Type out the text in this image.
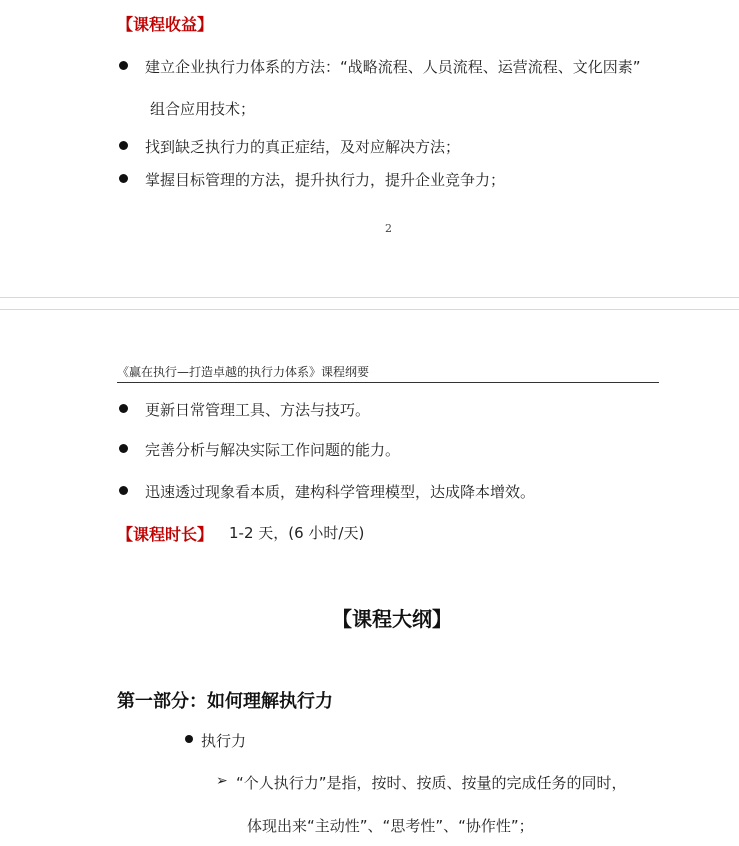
【课程收益】
建立企业执行力体系的方法：“战略流程、人员流程、运营流程、文化因素”
组合应用技术；
找到缺乏执行力的真正症结，及对应解决方法；
掌握目标管理的方法，提升执行力，提升企业竞争力；
2
《赢在执行—打造卓越的执行力体系》课程纲要
更新日常管理工具、方法与技巧。
完善分析与解决实际工作问题的能力。
迅速透过现象看本质，建构科学管理模型，达成降本增效。
【课程时长】 1-2 天，(6 小时/天)
【课程大纲】
第一部分：如何理解执行力
执行力
➢ “个人执行力”是指，按时、按质、按量的完成任务的同时，
体现出来“主动性”、“思考性”、“协作性”；
